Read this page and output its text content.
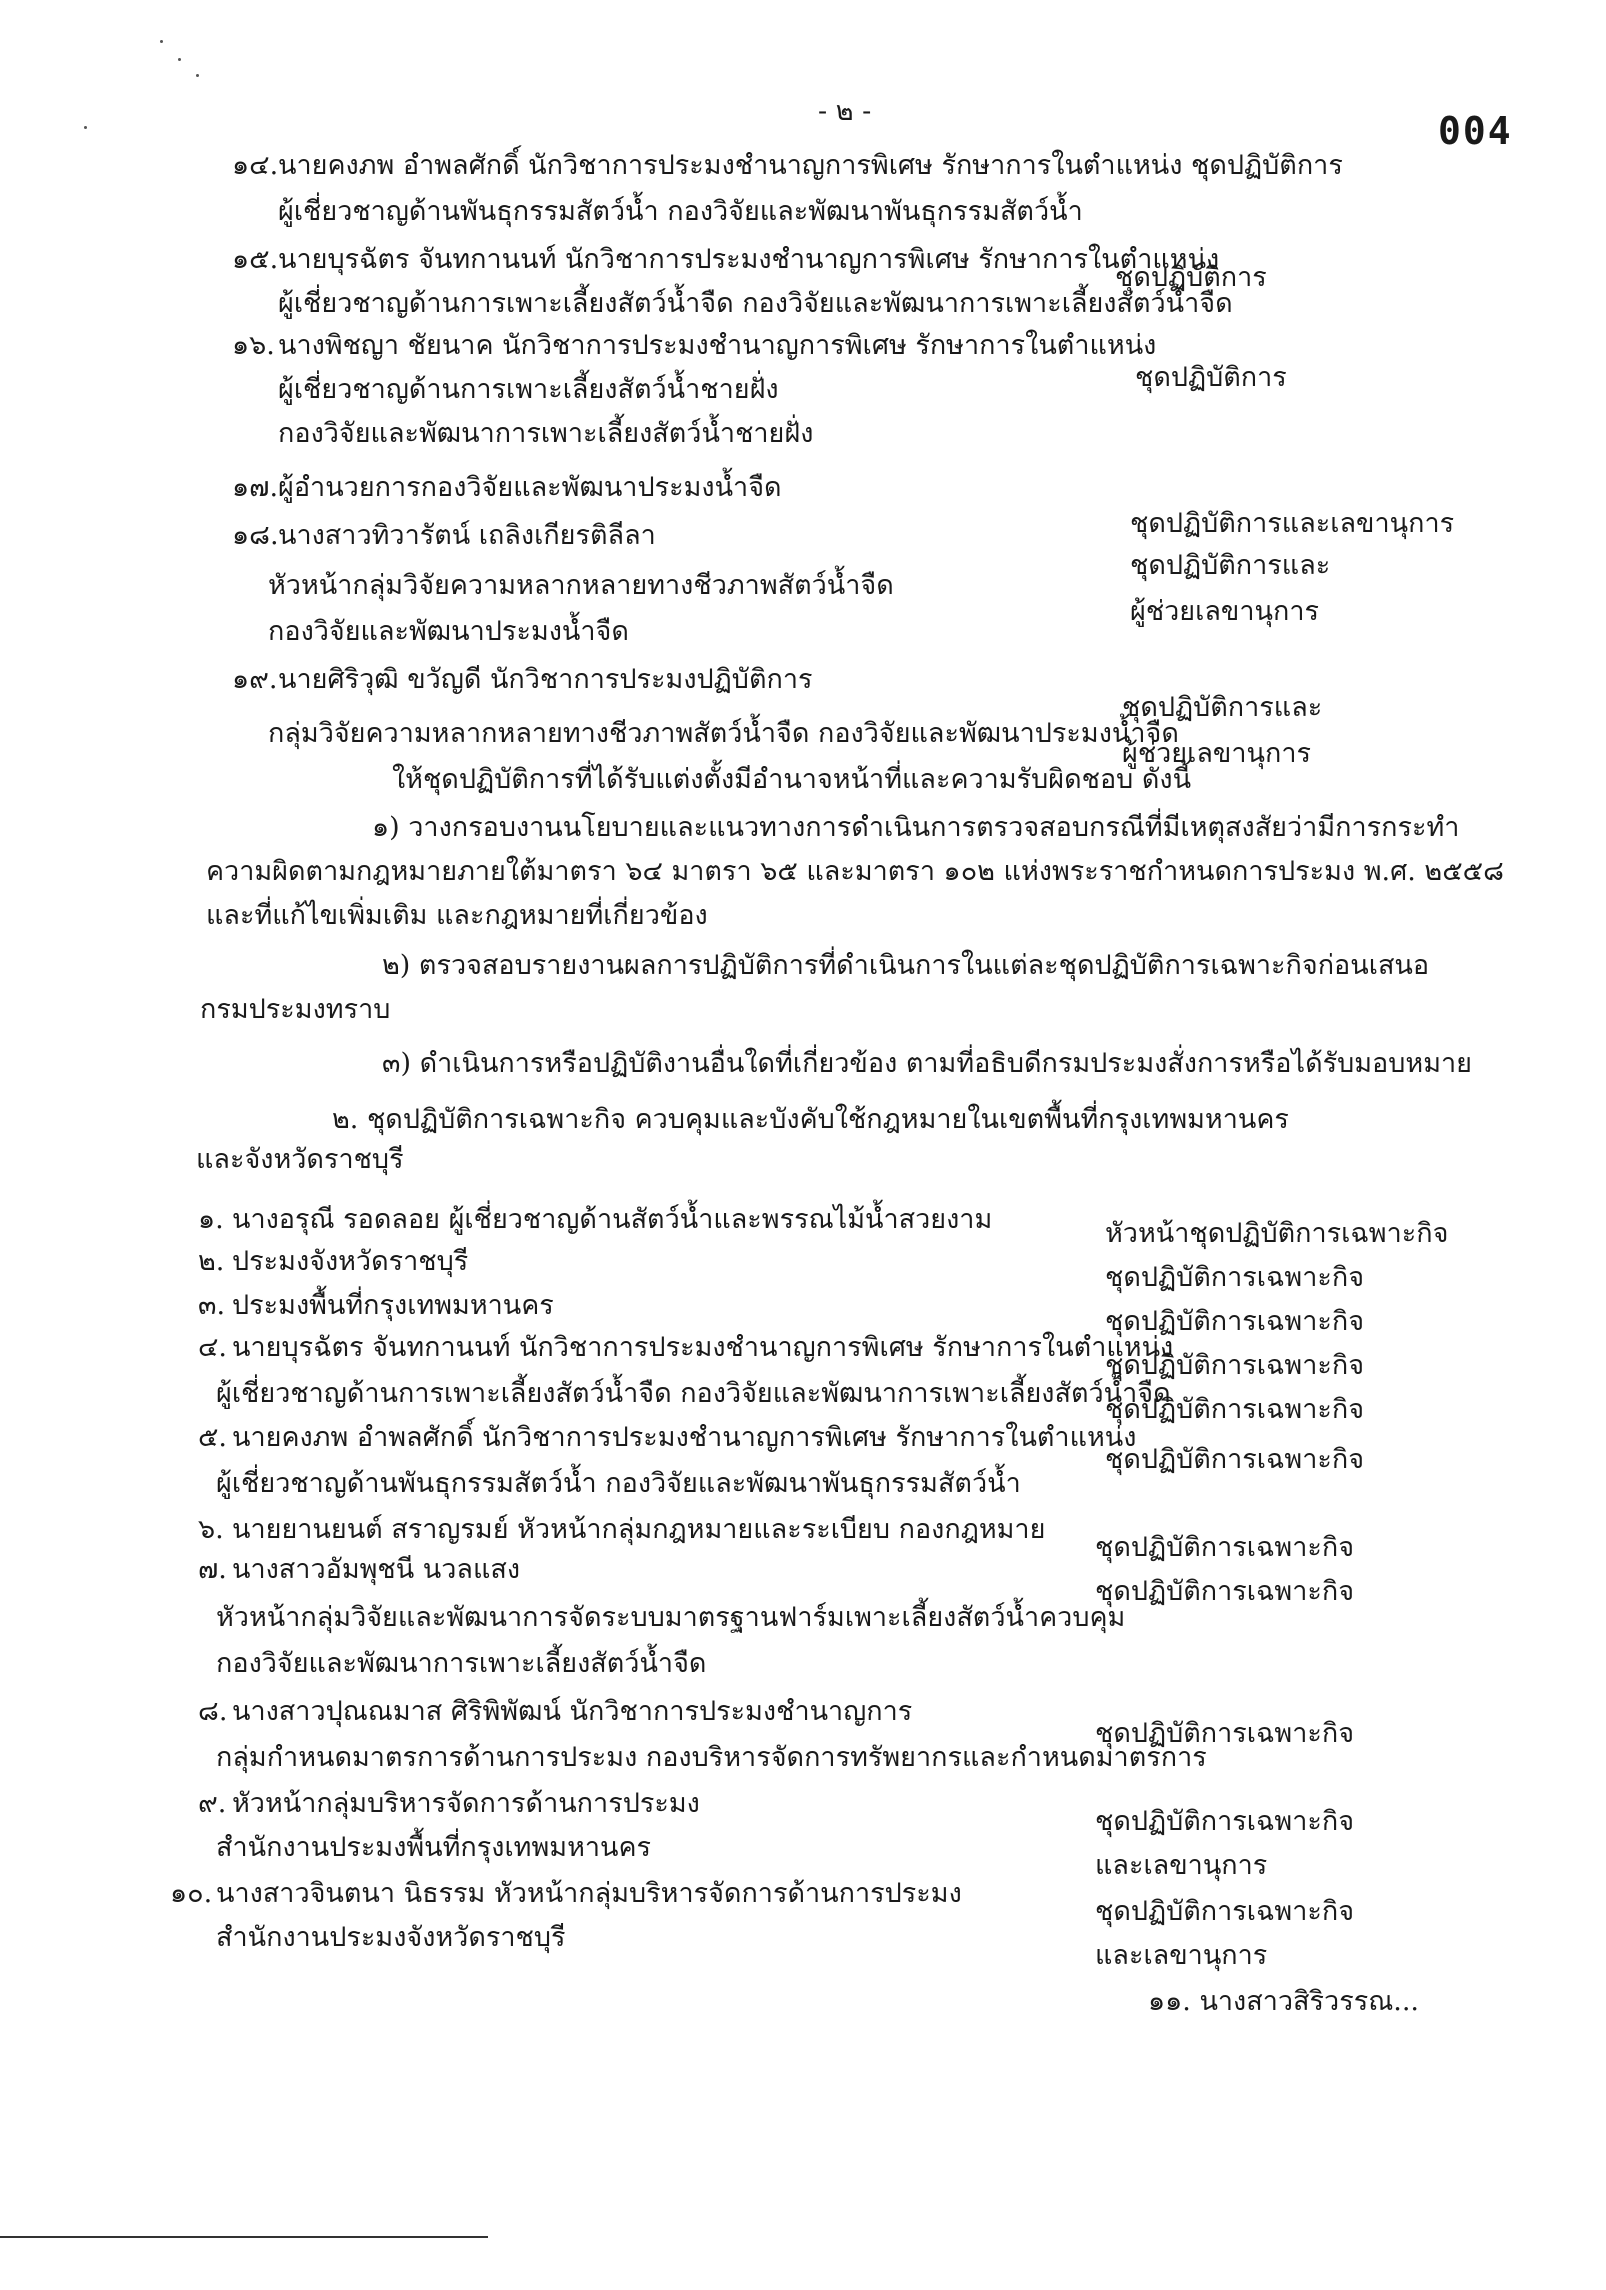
- ๒ -	004
๑๔. นายคงภพ อำพลศักดิ์ นักวิชาการประมงชำนาญการพิเศษ รักษาการในตำแหน่ง ชุดปฏิบัติการ
ผู้เชี่ยวชาญด้านพันธุกรรมสัตว์น้ำ กองวิจัยและพัฒนาพันธุกรรมสัตว์น้ำ
๑๕. นายบุรฉัตร จันทกานนท์ นักวิชาการประมงชำนาญการพิเศษ รักษาการในตำแหน่ง
ชุดปฏิบัติการ
ผู้เชี่ยวชาญด้านการเพาะเลี้ยงสัตว์น้ำจืด กองวิจัยและพัฒนาการเพาะเลี้ยงสัตว์น้ำจืด
๑๖. นางพิชญา ชัยนาค นักวิชาการประมงชำนาญการพิเศษ รักษาการในตำแหน่ง
ชุดปฏิบัติการ
ผู้เชี่ยวชาญด้านการเพาะเลี้ยงสัตว์น้ำชายฝั่ง
กองวิจัยและพัฒนาการเพาะเลี้ยงสัตว์น้ำชายฝั่ง
๑๗. ผู้อำนวยการกองวิจัยและพัฒนาประมงน้ำจืด
ชุดปฏิบัติการและเลขานุการ
๑๘. นางสาวทิวารัตน์ เถลิงเกียรติลีลา
ชุดปฏิบัติการและ
หัวหน้ากลุ่มวิจัยความหลากหลายทางชีวภาพสัตว์น้ำจืด
ผู้ช่วยเลขานุการ
กองวิจัยและพัฒนาประมงน้ำจืด
๑๙. นายศิริวุฒิ ขวัญดี นักวิชาการประมงปฏิบัติการ
ชุดปฏิบัติการและ
กลุ่มวิจัยความหลากหลายทางชีวภาพสัตว์น้ำจืด กองวิจัยและพัฒนาประมงน้ำจืด
ผู้ช่วยเลขานุการ
ให้ชุดปฏิบัติการที่ได้รับแต่งตั้งมีอำนาจหน้าที่และความรับผิดชอบ ดังนี้
๑) วางกรอบงานนโยบายและแนวทางการดำเนินการตรวจสอบกรณีที่มีเหตุสงสัยว่ามีการกระทำ
ความผิดตามกฎหมายภายใต้มาตรา ๖๔ มาตรา ๖๕ และมาตรา ๑๐๒ แห่งพระราชกำหนดการประมง พ.ศ. ๒๕๕๘
และที่แก้ไขเพิ่มเติม และกฎหมายที่เกี่ยวข้อง
๒) ตรวจสอบรายงานผลการปฏิบัติการที่ดำเนินการในแต่ละชุดปฏิบัติการเฉพาะกิจก่อนเสนอ
กรมประมงทราบ
๓) ดำเนินการหรือปฏิบัติงานอื่นใดที่เกี่ยวข้อง ตามที่อธิบดีกรมประมงสั่งการหรือได้รับมอบหมาย
๒. ชุดปฏิบัติการเฉพาะกิจ ควบคุมและบังคับใช้กฎหมายในเขตพื้นที่กรุงเทพมหานคร
และจังหวัดราชบุรี
๑. นางอรุณี รอดลอย ผู้เชี่ยวชาญด้านสัตว์น้ำและพรรณไม้น้ำสวยงาม	หัวหน้าชุดปฏิบัติการเฉพาะกิจ
๒. ประมงจังหวัดราชบุรี
ชุดปฏิบัติการเฉพาะกิจ
๓. ประมงพื้นที่กรุงเทพมหานคร
ชุดปฏิบัติการเฉพาะกิจ
๔. นายบุรฉัตร จันทกานนท์ นักวิชาการประมงชำนาญการพิเศษ รักษาการในตำแหน่ง
ชุดปฏิบัติการเฉพาะกิจ
ผู้เชี่ยวชาญด้านการเพาะเลี้ยงสัตว์น้ำจืด กองวิจัยและพัฒนาการเพาะเลี้ยงสัตว์น้ำจืด
ชุดปฏิบัติการเฉพาะกิจ
๕. นายคงภพ อำพลศักดิ์ นักวิชาการประมงชำนาญการพิเศษ รักษาการในตำแหน่ง
ชุดปฏิบัติการเฉพาะกิจ
ผู้เชี่ยวชาญด้านพันธุกรรมสัตว์น้ำ กองวิจัยและพัฒนาพันธุกรรมสัตว์น้ำ
๖. นายยานยนต์ สราญรมย์ หัวหน้ากลุ่มกฎหมายและระเบียบ กองกฎหมาย
ชุดปฏิบัติการเฉพาะกิจ
๗. นางสาวอัมพุชนี นวลแสง
ชุดปฏิบัติการเฉพาะกิจ
หัวหน้ากลุ่มวิจัยและพัฒนาการจัดระบบมาตรฐานฟาร์มเพาะเลี้ยงสัตว์น้ำควบคุม
กองวิจัยและพัฒนาการเพาะเลี้ยงสัตว์น้ำจืด
๘. นางสาวปุณณมาส ศิริพิพัฒน์ นักวิชาการประมงชำนาญการ
ชุดปฏิบัติการเฉพาะกิจ
กลุ่มกำหนดมาตรการด้านการประมง กองบริหารจัดการทรัพยากรและกำหนดมาตรการ
๙. หัวหน้ากลุ่มบริหารจัดการด้านการประมง
ชุดปฏิบัติการเฉพาะกิจ
สำนักงานประมงพื้นที่กรุงเทพมหานคร
และเลขานุการ
๑๐. นางสาวจินตนา นิธรรม หัวหน้ากลุ่มบริหารจัดการด้านการประมง
ชุดปฏิบัติการเฉพาะกิจ
สำนักงานประมงจังหวัดราชบุรี
และเลขานุการ
๑๑. นางสาวสิริวรรณ...
